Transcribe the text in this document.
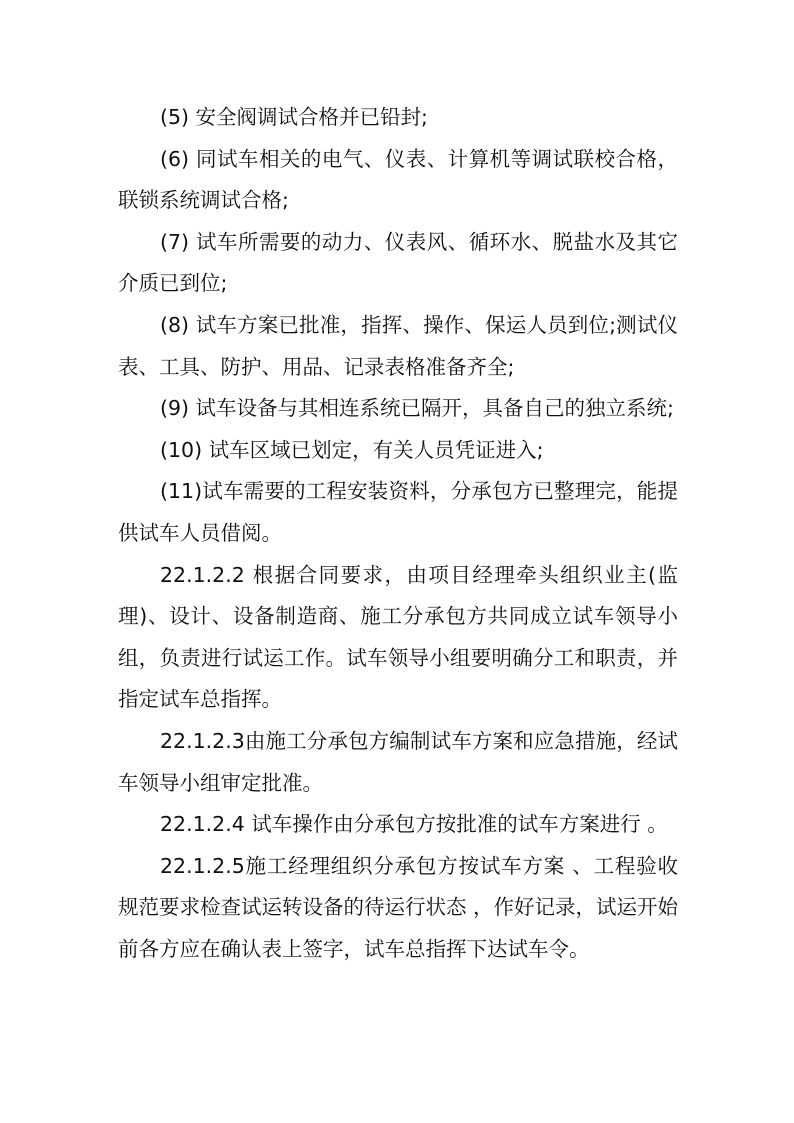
(5) 安全阀调试合格并已铅封;

(6) 同试车相关的电气、仪表、计算机等调试联校合格，联锁系统调试合格;

(7) 试车所需要的动力、仪表风、循环水、脱盐水及其它介质已到位;

(8) 试车方案已批准，指挥、操作、保运人员到位;测试仪表、工具、防护、用品、记录表格准备齐全;

(9) 试车设备与其相连系统已隔开，具备自己的独立系统;

(10) 试车区域已划定，有关人员凭证进入;

(11)试车需要的工程安装资料，分承包方已整理完，能提供试车人员借阅。

22.1.2.2 根据合同要求，由项目经理牵头组织业主(监理)、设计、设备制造商、施工分承包方共同成立试车领导小组，负责进行试运工作。试车领导小组要明确分工和职责，并指定试车总指挥。

22.1.2.3由施工分承包方编制试车方案和应急措施，经试车领导小组审定批准。

22.1.2.4 试车操作由分承包方按批准的试车方案进行 。

22.1.2.5施工经理组织分承包方按试车方案 、工程验收规范要求检查试运转设备的待运行状态 ，作好记录，试运开始前各方应在确认表上签字，试车总指挥下达试车令。
